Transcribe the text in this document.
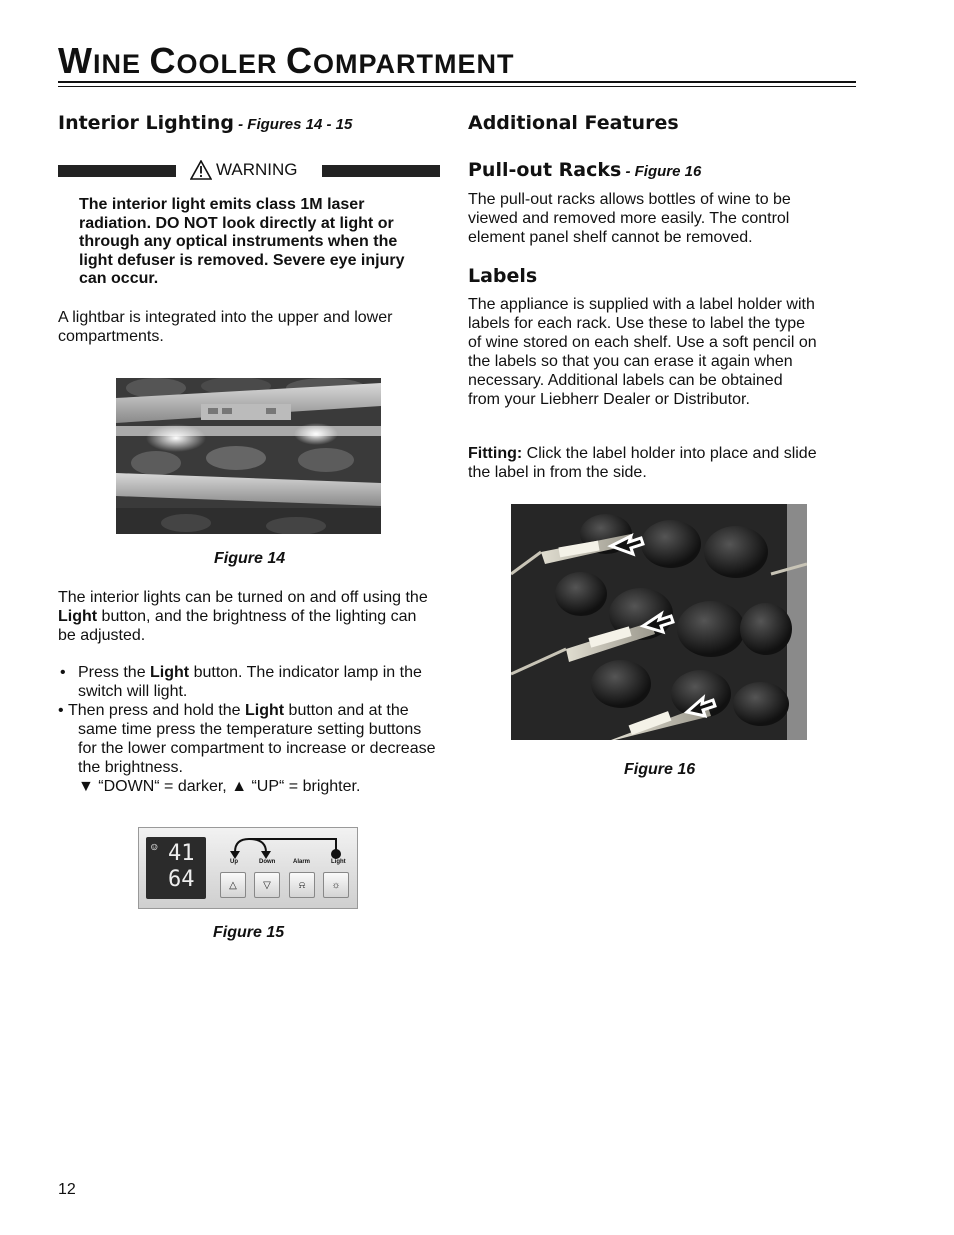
WINE COOLER COMPARTMENT
Interior Lighting - Figures 14 - 15
WARNING
The interior light emits class 1M laser radiation. DO NOT look directly at light or through any optical instruments when the light defuser is removed. Severe eye injury can occur.
A lightbar is integrated into the upper and lower compartments.
Figure 14
The interior lights can be turned on and off using the Light button, and the brightness of the lighting can be adjusted.
• Press the Light button. The indicator lamp in the switch will light.
• Then press and hold the Light button and at the same time press the temperature setting buttons for the lower compartment to increase or decrease the brightness.
▼ “DOWN“ = darker, ▲ “UP“ = brighter.
☺ 41
64
Up	Down	Alarm	Light
△	▽	⍾	☼
Figure 15
Additional Features
Pull-out Racks - Figure 16
The pull-out racks allows bottles of wine to be viewed and removed more easily. The control element panel shelf cannot be removed.
Labels
The appliance is supplied with a label holder with labels for each rack. Use these to label the type of wine stored on each shelf. Use a soft pencil on the labels so that you can erase it again when necessary. Additional labels can be obtained from your Liebherr Dealer or Distributor.
Fitting: Click the label holder into place and slide the label in from the side.
Figure 16
12
